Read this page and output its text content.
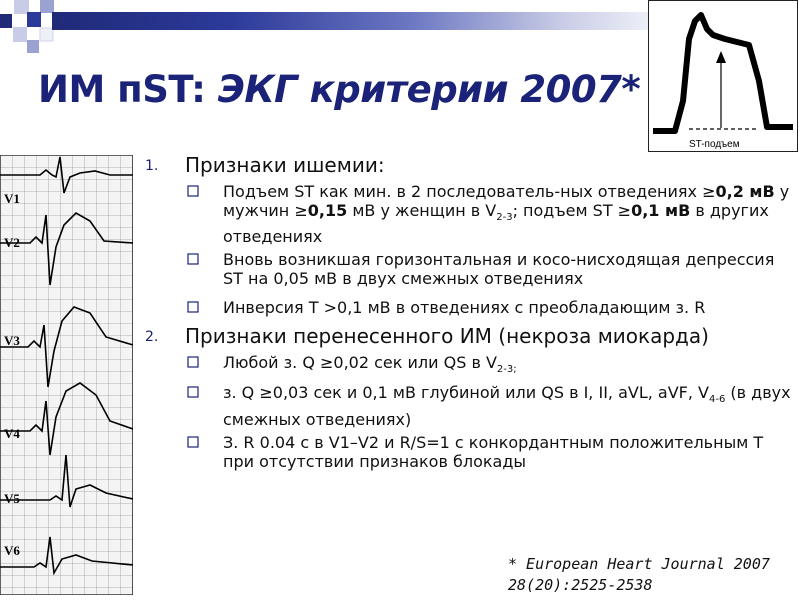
ИМ пST: ЭКГ критерии 2007*
ST-подъем
V1
V2
V3
V4
V5
V6
1.	Признаки ишемии:
Подъем ST как мин. в 2 последователь-ных отведениях ≥0,2 мВ у мужчин ≥0,15 мВ у женщин в $V_{2-3}$; подъем ST ≥0,1 мВ в других отведениях
Вновь возникшая горизонтальная и косо-нисходящая депрессия ST на 0,05 мВ в двух смежных отведениях
Инверсия Т >0,1 мВ в отведениях с преобладающим з. R
2.	Признаки перенесенного ИМ (некроза миокарда)
Любой з. Q ≥0,02 сек или QS в $V_{2-3;}$
з. Q ≥0,03 сек и 0,1 мВ глубиной или QS в I, II, aVL, aVF, $V_{4-6}$ (в двух смежных отведениях)
З. R 0.04 с в V1–V2 и R/S=1 с конкордантным положительным Т при отсутствии признаков блокады
* European Heart Journal 2007
28(20):2525-2538
